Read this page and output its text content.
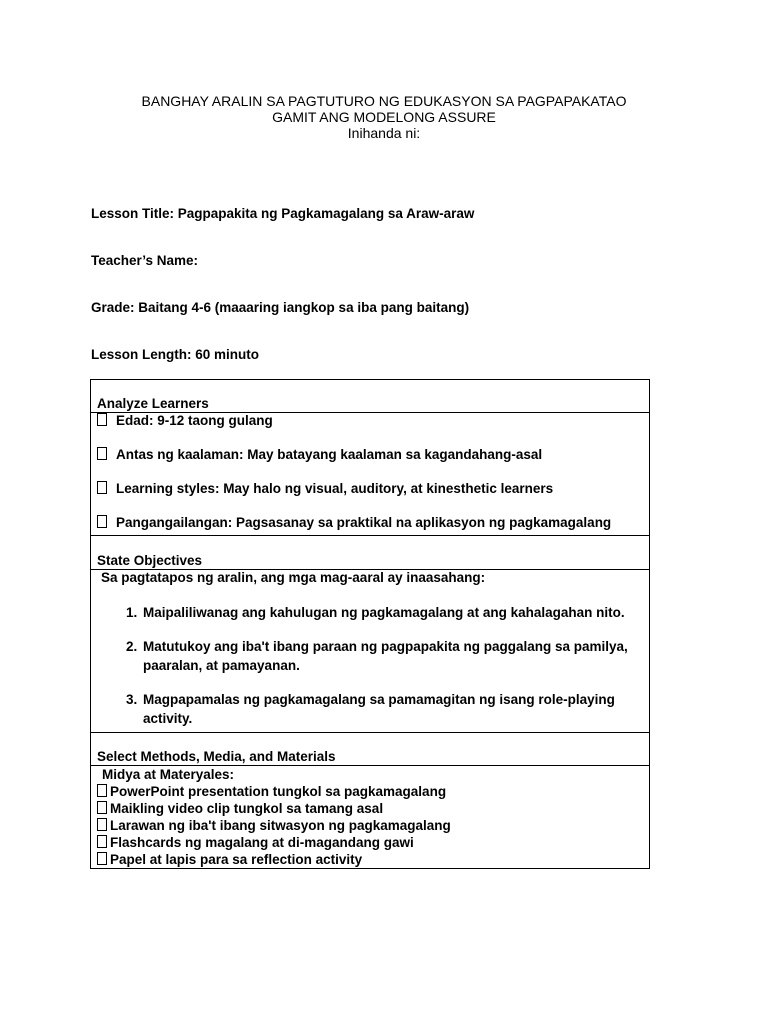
BANGHAY ARALIN SA PAGTUTURO NG EDUKASYON SA PAGPAPAKATAO
GAMIT ANG MODELONG ASSURE
Inihanda ni:
Lesson Title: Pagpapakita ng Pagkamagalang sa Araw-araw
Teacher’s Name:
Grade: Baitang 4-6 (maaaring iangkop sa iba pang baitang)
Lesson Length: 60 minuto
Analyze Learners

Edad: 9-12 taong gulang
Antas ng kaalaman: May batayang kaalaman sa kagandahang-asal
Learning styles: May halo ng visual, auditory, at kinesthetic learners
Pangangailangan: Pagsasanay sa praktikal na aplikasyon ng pagkamagalang

State Objectives

Sa pagtatapos ng aralin, ang mga mag-aaral ay inaasahang:
1. Maipaliliwanag ang kahulugan ng pagkamagalang at ang kahalagahan nito.
2. Matutukoy ang iba't ibang paraan ng pagpapakita ng paggalang sa pamilya, paaralan, at pamayanan.
3. Magpapamalas ng pagkamagalang sa pamamagitan ng isang role-playing activity.

Select Methods, Media, and Materials

Midya at Materyales:
PowerPoint presentation tungkol sa pagkamagalang
Maikling video clip tungkol sa tamang asal
Larawan ng iba't ibang sitwasyon ng pagkamagalang
Flashcards ng magalang at di-magandang gawi
Papel at lapis para sa reflection activity
